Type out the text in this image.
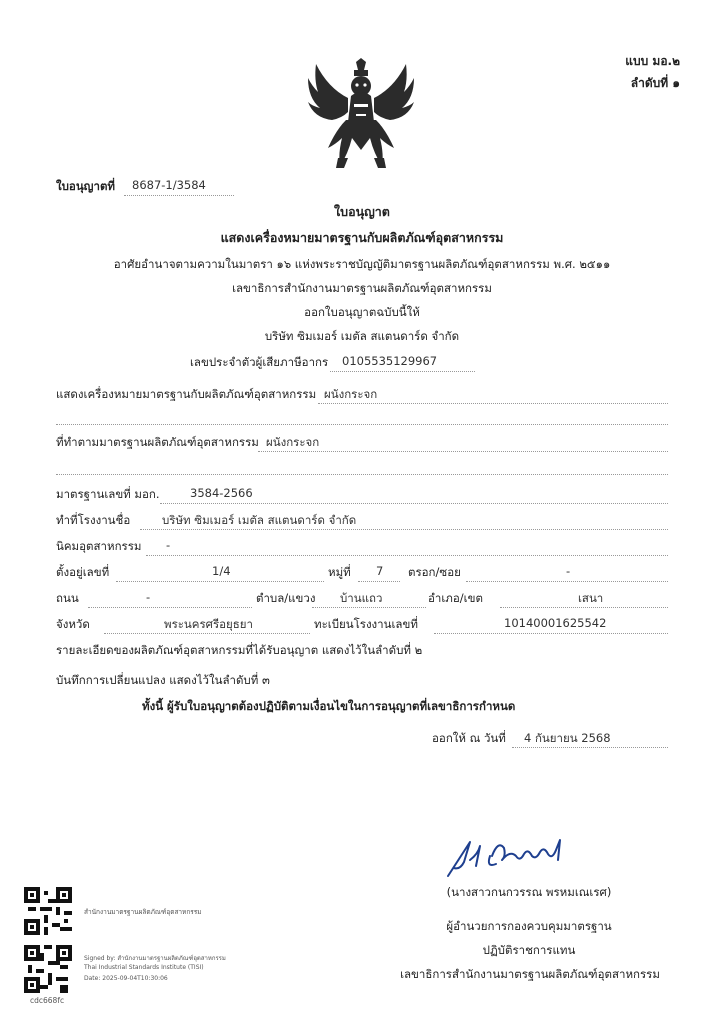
แบบ มอ.๒
ลำดับที่ ๑
ใบอนุญาตที่ 8687-1/3584
ใบอนุญาต
แสดงเครื่องหมายมาตรฐานกับผลิตภัณฑ์อุตสาหกรรม
อาศัยอำนาจตามความในมาตรา ๑๖ แห่งพระราชบัญญัติมาตรฐานผลิตภัณฑ์อุตสาหกรรม พ.ศ. ๒๕๑๑
เลขาธิการสำนักงานมาตรฐานผลิตภัณฑ์อุตสาหกรรม
ออกใบอนุญาตฉบับนี้ให้
บริษัท ซิมเมอร์ เมตัล สแตนดาร์ด จำกัด
เลขประจำตัวผู้เสียภาษีอากร 0105535129967
แสดงเครื่องหมายมาตรฐานกับผลิตภัณฑ์อุตสาหกรรม ผนังกระจก
ที่ทำตามมาตรฐานผลิตภัณฑ์อุตสาหกรรม ผนังกระจก
มาตรฐานเลขที่ มอก.	3584-2566
ทำที่โรงงานชื่อ	บริษัท ซิมเมอร์ เมตัล สแตนดาร์ด จำกัด
นิคมอุตสาหกรรม -
ตั้งอยู่เลขที่	1/4	หมู่ที่ 7 ตรอก/ซอย	-
ถนน	-	ตำบล/แขวง บ้านแถว	อำเภอ/เขต	เสนา
จังหวัด	พระนครศรีอยุธยา	ทะเบียนโรงงานเลขที่	10140001625542
รายละเอียดของผลิตภัณฑ์อุตสาหกรรมที่ได้รับอนุญาต แสดงไว้ในลำดับที่ ๒
บันทึกการเปลี่ยนแปลง แสดงไว้ในลำดับที่ ๓
ทั้งนี้ ผู้รับใบอนุญาตต้องปฏิบัติตามเงื่อนไขในการอนุญาตที่เลขาธิการกำหนด
ออกให้ ณ วันที่ 4 กันยายน 2568
(นางสาวกนกวรรณ พรหมเณเรศ)
ผู้อำนวยการกองควบคุมมาตรฐาน
ปฏิบัติราชการแทน
เลขาธิการสำนักงานมาตรฐานผลิตภัณฑ์อุตสาหกรรม
สำนักงานมาตรฐานผลิตภัณฑ์อุตสาหกรรม
Signed by: สำนักงานมาตรฐานผลิตภัณฑ์อุตสาหกรรม
Thai Industrial Standards Institute (TISI)
Date: 2025-09-04T10:30:06
cdc668fc
